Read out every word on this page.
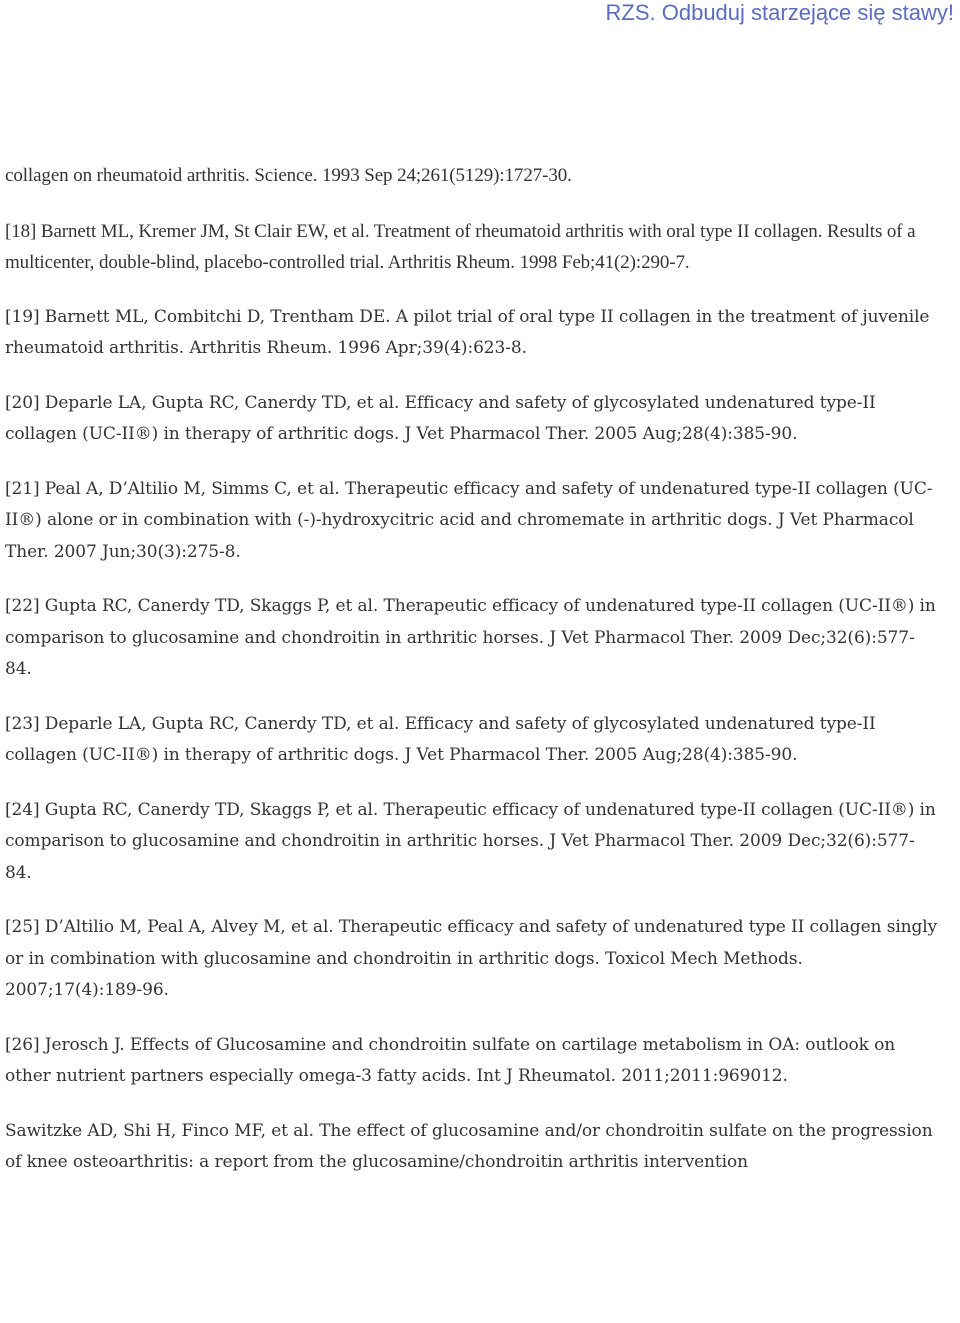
RZS. Odbuduj starzejące się stawy!

collagen on rheumatoid arthritis. Science. 1993 Sep 24;261(5129):1727-30.

[18] Barnett ML, Kremer JM, St Clair EW, et al. Treatment of rheumatoid arthritis with oral type II collagen. Results of a multicenter, double-blind, placebo-controlled trial. Arthritis Rheum. 1998 Feb;41(2):290-7.

[19] Barnett ML, Combitchi D, Trentham DE. A pilot trial of oral type II collagen in the treatment of juvenile rheumatoid arthritis. Arthritis Rheum. 1996 Apr;39(4):623-8.

[20] Deparle LA, Gupta RC, Canerdy TD, et al. Efficacy and safety of glycosylated undenatured type-II collagen (UC-II®) in therapy of arthritic dogs. J Vet Pharmacol Ther. 2005 Aug;28(4):385-90.

[21] Peal A, D’Altilio M, Simms C, et al. Therapeutic efficacy and safety of undenatured type-II collagen (UC-II®) alone or in combination with (-)-hydroxycitric acid and chromemate in arthritic dogs. J Vet Pharmacol Ther. 2007 Jun;30(3):275-8.

[22] Gupta RC, Canerdy TD, Skaggs P, et al. Therapeutic efficacy of undenatured type-II collagen (UC-II®) in comparison to glucosamine and chondroitin in arthritic horses. J Vet Pharmacol Ther. 2009 Dec;32(6):577-84.

[23] Deparle LA, Gupta RC, Canerdy TD, et al. Efficacy and safety of glycosylated undenatured type-II collagen (UC-II®) in therapy of arthritic dogs. J Vet Pharmacol Ther. 2005 Aug;28(4):385-90.

[24] Gupta RC, Canerdy TD, Skaggs P, et al. Therapeutic efficacy of undenatured type-II collagen (UC-II®) in comparison to glucosamine and chondroitin in arthritic horses. J Vet Pharmacol Ther. 2009 Dec;32(6):577-84.

[25] D’Altilio M, Peal A, Alvey M, et al. Therapeutic efficacy and safety of undenatured type II collagen singly or in combination with glucosamine and chondroitin in arthritic dogs. Toxicol Mech Methods. 2007;17(4):189-96.

[26] Jerosch J. Effects of Glucosamine and chondroitin sulfate on cartilage metabolism in OA: outlook on other nutrient partners especially omega-3 fatty acids. Int J Rheumatol. 2011;2011:969012.

Sawitzke AD, Shi H, Finco MF, et al. The effect of glucosamine and/or chondroitin sulfate on the progression of knee osteoarthritis: a report from the glucosamine/chondroitin arthritis intervention
